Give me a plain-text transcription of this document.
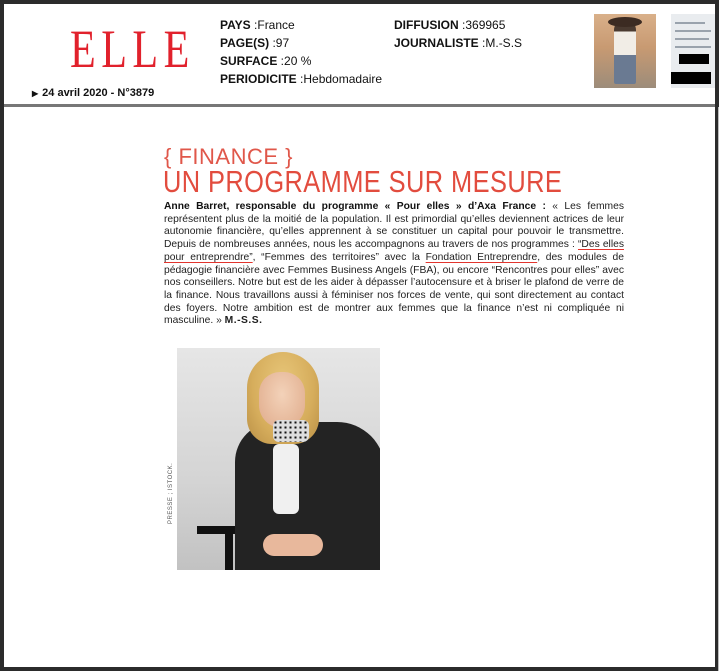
ELLE
▶ 24 avril 2020 - N°3879
PAYS :France
PAGE(S) :97
SURFACE :20 %
PERIODICITE :Hebdomadaire
DIFFUSION :369965
JOURNALISTE :M.-S.S
{ FINANCE }
UN PROGRAMME SUR MESURE
Anne Barret, responsable du programme « Pour elles » d’Axa France : « Les femmes représentent plus de la moitié de la population. Il est primordial qu’elles deviennent actrices de leur autonomie financière, qu’elles apprennent à se constituer un capital pour pouvoir le transmettre. Depuis de nombreuses années, nous les accompagnons au travers de nos programmes : “Des elles pour entreprendre”, “Femmes des territoires” avec la Fondation Entreprendre, des modules de pédagogie financière avec Femmes Business Angels (FBA), ou encore “Rencontres pour elles” avec nos conseillers. Notre but est de les aider à dépasser l’autocensure et à briser le plafond de verre de la finance. Nous travaillons aussi à féminiser nos forces de vente, qui sont directement au contact des foyers. Notre ambition est de montrer aux femmes que la finance n’est ni compliquée ni masculine. » M.-S.S.
PRESSE ; ISTOCK.
